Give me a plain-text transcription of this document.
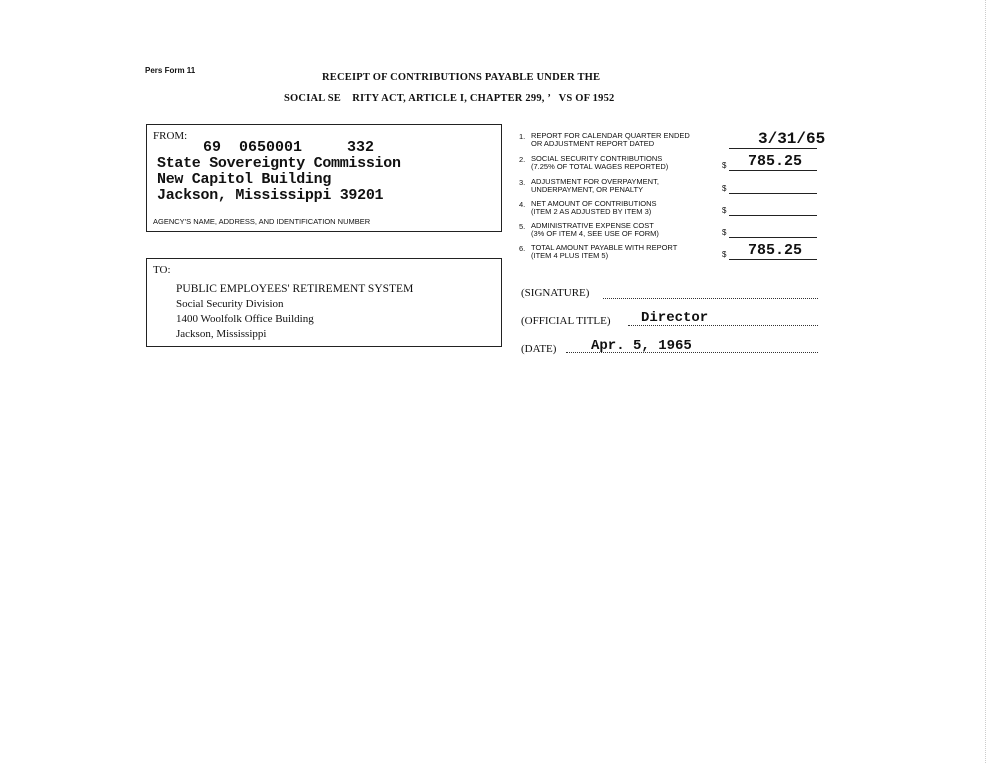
Pers Form 11
RECEIPT OF CONTRIBUTIONS PAYABLE UNDER THE
SOCIAL SE    RITY ACT, ARTICLE I, CHAPTER 299, ’   VS OF 1952
FROM:
69  0650001     332
State Sovereignty Commission
New Capitol Building
Jackson, Mississippi 39201
AGENCY'S NAME, ADDRESS, AND IDENTIFICATION NUMBER
TO:
PUBLIC EMPLOYEES' RETIREMENT SYSTEM
Social Security Division
1400 Woolfolk Office Building
Jackson, Mississippi
1. REPORT FOR CALENDAR QUARTER ENDED
OR ADJUSTMENT REPORT DATED	3/31/65
2. SOCIAL SECURITY CONTRIBUTIONS
(7.25% OF TOTAL WAGES REPORTED)	$ 785.25
3. ADJUSTMENT FOR OVERPAYMENT,
UNDERPAYMENT, OR PENALTY	$
4. NET AMOUNT OF CONTRIBUTIONS
(ITEM 2 AS ADJUSTED BY ITEM 3)	$
5. ADMINISTRATIVE EXPENSE COST
(3% OF ITEM 4, SEE USE OF FORM)	$
6. TOTAL AMOUNT PAYABLE WITH REPORT
(ITEM 4 PLUS ITEM 5)	$ 785.25
(SIGNATURE)
(OFFICIAL TITLE) Director
(DATE) Apr. 5, 1965
